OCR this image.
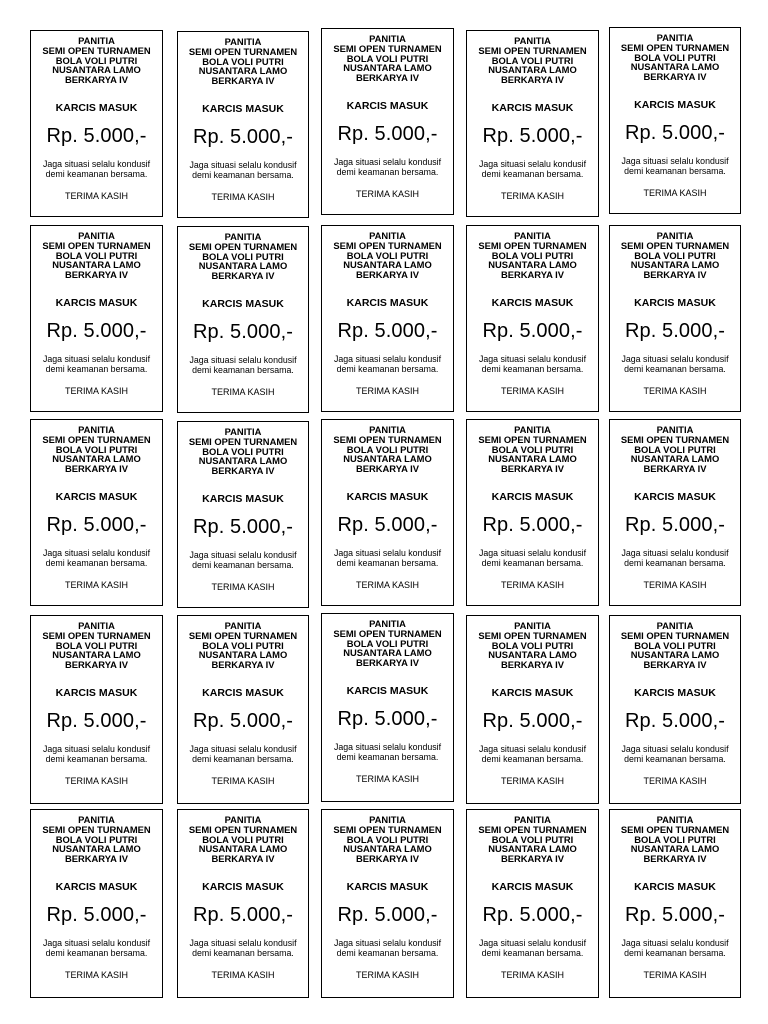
PANITIA
SEMI OPEN TURNAMEN
BOLA VOLI PUTRI
NUSANTARA LAMO
BERKARYA IV
KARCIS MASUK
Rp. 5.000,-
Jaga situasi selalu kondusif
demi keamanan bersama.
TERIMA KASIH
PANITIA
SEMI OPEN TURNAMEN
BOLA VOLI PUTRI
NUSANTARA LAMO
BERKARYA IV
KARCIS MASUK
Rp. 5.000,-
Jaga situasi selalu kondusif
demi keamanan bersama.
TERIMA KASIH
PANITIA
SEMI OPEN TURNAMEN
BOLA VOLI PUTRI
NUSANTARA LAMO
BERKARYA IV
KARCIS MASUK
Rp. 5.000,-
Jaga situasi selalu kondusif
demi keamanan bersama.
TERIMA KASIH
PANITIA
SEMI OPEN TURNAMEN
BOLA VOLI PUTRI
NUSANTARA LAMO
BERKARYA IV
KARCIS MASUK
Rp. 5.000,-
Jaga situasi selalu kondusif
demi keamanan bersama.
TERIMA KASIH
PANITIA
SEMI OPEN TURNAMEN
BOLA VOLI PUTRI
NUSANTARA LAMO
BERKARYA IV
KARCIS MASUK
Rp. 5.000,-
Jaga situasi selalu kondusif
demi keamanan bersama.
TERIMA KASIH
PANITIA
SEMI OPEN TURNAMEN
BOLA VOLI PUTRI
NUSANTARA LAMO
BERKARYA IV
KARCIS MASUK
Rp. 5.000,-
Jaga situasi selalu kondusif
demi keamanan bersama.
TERIMA KASIH
PANITIA
SEMI OPEN TURNAMEN
BOLA VOLI PUTRI
NUSANTARA LAMO
BERKARYA IV
KARCIS MASUK
Rp. 5.000,-
Jaga situasi selalu kondusif
demi keamanan bersama.
TERIMA KASIH
PANITIA
SEMI OPEN TURNAMEN
BOLA VOLI PUTRI
NUSANTARA LAMO
BERKARYA IV
KARCIS MASUK
Rp. 5.000,-
Jaga situasi selalu kondusif
demi keamanan bersama.
TERIMA KASIH
PANITIA
SEMI OPEN TURNAMEN
BOLA VOLI PUTRI
NUSANTARA LAMO
BERKARYA IV
KARCIS MASUK
Rp. 5.000,-
Jaga situasi selalu kondusif
demi keamanan bersama.
TERIMA KASIH
PANITIA
SEMI OPEN TURNAMEN
BOLA VOLI PUTRI
NUSANTARA LAMO
BERKARYA IV
KARCIS MASUK
Rp. 5.000,-
Jaga situasi selalu kondusif
demi keamanan bersama.
TERIMA KASIH
PANITIA
SEMI OPEN TURNAMEN
BOLA VOLI PUTRI
NUSANTARA LAMO
BERKARYA IV
KARCIS MASUK
Rp. 5.000,-
Jaga situasi selalu kondusif
demi keamanan bersama.
TERIMA KASIH
PANITIA
SEMI OPEN TURNAMEN
BOLA VOLI PUTRI
NUSANTARA LAMO
BERKARYA IV
KARCIS MASUK
Rp. 5.000,-
Jaga situasi selalu kondusif
demi keamanan bersama.
TERIMA KASIH
PANITIA
SEMI OPEN TURNAMEN
BOLA VOLI PUTRI
NUSANTARA LAMO
BERKARYA IV
KARCIS MASUK
Rp. 5.000,-
Jaga situasi selalu kondusif
demi keamanan bersama.
TERIMA KASIH
PANITIA
SEMI OPEN TURNAMEN
BOLA VOLI PUTRI
NUSANTARA LAMO
BERKARYA IV
KARCIS MASUK
Rp. 5.000,-
Jaga situasi selalu kondusif
demi keamanan bersama.
TERIMA KASIH
PANITIA
SEMI OPEN TURNAMEN
BOLA VOLI PUTRI
NUSANTARA LAMO
BERKARYA IV
KARCIS MASUK
Rp. 5.000,-
Jaga situasi selalu kondusif
demi keamanan bersama.
TERIMA KASIH
PANITIA
SEMI OPEN TURNAMEN
BOLA VOLI PUTRI
NUSANTARA LAMO
BERKARYA IV
KARCIS MASUK
Rp. 5.000,-
Jaga situasi selalu kondusif
demi keamanan bersama.
TERIMA KASIH
PANITIA
SEMI OPEN TURNAMEN
BOLA VOLI PUTRI
NUSANTARA LAMO
BERKARYA IV
KARCIS MASUK
Rp. 5.000,-
Jaga situasi selalu kondusif
demi keamanan bersama.
TERIMA KASIH
PANITIA
SEMI OPEN TURNAMEN
BOLA VOLI PUTRI
NUSANTARA LAMO
BERKARYA IV
KARCIS MASUK
Rp. 5.000,-
Jaga situasi selalu kondusif
demi keamanan bersama.
TERIMA KASIH
PANITIA
SEMI OPEN TURNAMEN
BOLA VOLI PUTRI
NUSANTARA LAMO
BERKARYA IV
KARCIS MASUK
Rp. 5.000,-
Jaga situasi selalu kondusif
demi keamanan bersama.
TERIMA KASIH
PANITIA
SEMI OPEN TURNAMEN
BOLA VOLI PUTRI
NUSANTARA LAMO
BERKARYA IV
KARCIS MASUK
Rp. 5.000,-
Jaga situasi selalu kondusif
demi keamanan bersama.
TERIMA KASIH
PANITIA
SEMI OPEN TURNAMEN
BOLA VOLI PUTRI
NUSANTARA LAMO
BERKARYA IV
KARCIS MASUK
Rp. 5.000,-
Jaga situasi selalu kondusif
demi keamanan bersama.
TERIMA KASIH
PANITIA
SEMI OPEN TURNAMEN
BOLA VOLI PUTRI
NUSANTARA LAMO
BERKARYA IV
KARCIS MASUK
Rp. 5.000,-
Jaga situasi selalu kondusif
demi keamanan bersama.
TERIMA KASIH
PANITIA
SEMI OPEN TURNAMEN
BOLA VOLI PUTRI
NUSANTARA LAMO
BERKARYA IV
KARCIS MASUK
Rp. 5.000,-
Jaga situasi selalu kondusif
demi keamanan bersama.
TERIMA KASIH
PANITIA
SEMI OPEN TURNAMEN
BOLA VOLI PUTRI
NUSANTARA LAMO
BERKARYA IV
KARCIS MASUK
Rp. 5.000,-
Jaga situasi selalu kondusif
demi keamanan bersama.
TERIMA KASIH
PANITIA
SEMI OPEN TURNAMEN
BOLA VOLI PUTRI
NUSANTARA LAMO
BERKARYA IV
KARCIS MASUK
Rp. 5.000,-
Jaga situasi selalu kondusif
demi keamanan bersama.
TERIMA KASIH
